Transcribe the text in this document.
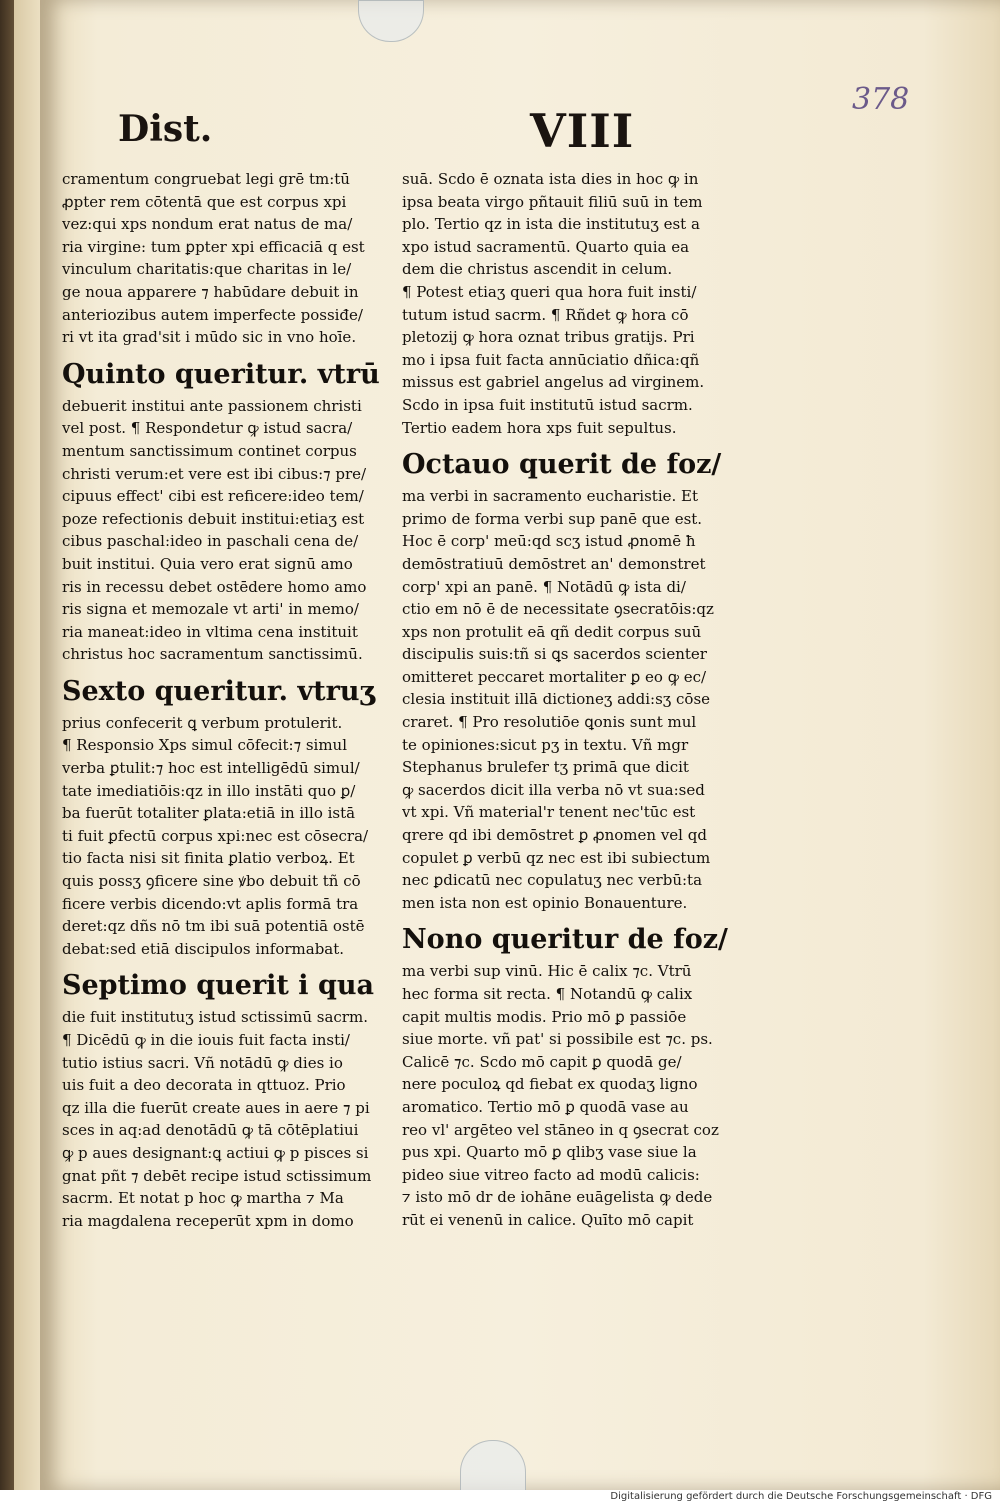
Dist.	VIII
378

cramentum congruebat legi grē tm:tū

ꝓpter rem cōtentā que est corpus xpi

vez:qui xps nondum erat natus de ma/

ria virgine: tum ꝑpter xpi efficaciā q est

vinculum charitatis:que charitas in le/

ge noua apparere ⁊ habūdare debuit in

anteriozibus autem imperfecte possiđe/

ri vt ita grad'sit i mūdo sic in vno hoīe.

Quinto queritur. vtrū

debuerit institui ante passionem christi

vel post. ¶ Respondetur ꝙ istud sacra/

mentum sanctissimum continet corpus

christi verum:et vere est ibi cibus:⁊ pre/

cipuus effect' cibi est reficere:ideo tem/

poze refectionis debuit institui:etiaʒ est

cibus paschal:ideo in paschali cena de/

buit institui. Quia vero erat signū amo

ris in recessu debet ostēdere homo amo

ris signa et memozale vt arti' in memo/

ria maneat:ideo in vltima cena instituit

christus hoc sacramentum sanctissimū.

Sexto queritur. vtruʒ

prius confecerit ꝗ verbum protulerit.

¶ Responsio Xps simul cōfecit:⁊ simul

verba ꝑtulit:⁊ hoc est intelligēdū simul/

tate imediatiōis:qz in illo instāti quo ꝑ/

ba fuerūt totaliter ꝑlata:etiā in illo istā

ti fuit ꝑfectū corpus xpi:nec est cōsecra/

tio facta nisi sit finita ꝑlatio verboꝝ. Et

quis possʒ ꝯficere sine ꝟbo debuit tñ cō

ficere verbis dicendo:vt aplis formā tra

deret:qz dñs nō tm ibi suā potentiā ostē

debat:sed etiā discipulos informabat.

Septimo querit i qua

die fuit institutuʒ istud sctissimū sacrm.

¶ Dicēdū ꝙ in die iouis fuit facta insti/

tutio istius sacri. Vñ notādū ꝙ dies io

uis fuit a deo decorata in qttuoz. Prio

qz illa die fuerūt create aues in aere ⁊ pi

sces in aq:ad denotādū ꝙ tā cōtēplatiui

ꝙ p aues designant:ꝗ actiui ꝙ p pisces si

gnat pñt ⁊ debēt recipe istud sctissimum

sacrm. Et notat p hoc ꝙ martha ⁊ Ma

ria magdalena receperūt xpm in domo

suā. Scdo ē oznata ista dies in hoc ꝙ in

ipsa beata virgo pñtauit filiū suū in tem

plo. Tertio qz in ista die institutuʒ est a

xpo istud sacramentū. Quarto quia ea

dem die christus ascendit in celum.

¶ Potest etiaʒ queri qua hora fuit insti/

tutum istud sacrm. ¶ Rñdet ꝙ hora cō

pletozij ꝙ hora oznat tribus gratijs. Pri

mo i ipsa fuit facta annūciatio dñica:qñ

missus est gabriel angelus ad virginem.

Scdo in ipsa fuit institutū istud sacrm.

Tertio eadem hora xps fuit sepultus.

Octauo querit de foz/

ma verbi in sacramento eucharistie. Et

primo de forma verbi sup panē que est.

Hoc ē corp' meū:qd scʒ istud ꝓnomē ħ

demōstratiuū demōstret an' demonstret

corp' xpi an panē. ¶ Notādū ꝙ ista di/

ctio em nō ē de necessitate ꝯsecratōis:qz

xps non protulit eā qñ dedit corpus suū

discipulis suis:tñ si ꝗs sacerdos scienter

omitteret peccaret mortaliter ꝑ eo ꝙ ec/

clesia instituit illā dictioneʒ addi:sʒ cōse

craret. ¶ Pro resolutiōe ꝗonis sunt mul

te opiniones:sicut pʒ in textu. Vñ mgr

Stephanus brulefer tʒ primā que dicit

ꝙ sacerdos dicit illa verba nō vt sua:sed

vt xpi. Vñ material'r tenent nec'tūc est

qrere qd ibi demōstret ꝑ ꝓnomen vel qd

copulet ꝑ verbū qz nec est ibi subiectum

nec ꝑdicatū nec copulatuʒ nec verbū:ta

men ista non est opinio Bonauenture.

Nono queritur de foz/

ma verbi sup vinū. Hic ē calix ⁊c. Vtrū

hec forma sit recta. ¶ Notandū ꝙ calix

capit multis modis. Prio mō ꝑ passiōe

siue morte. vñ pat' si possibile est ⁊c. ps.

Calicē ⁊c. Scdo mō capit ꝑ quodā ge/

nere poculoꝝ qd fiebat ex quodaʒ ligno

aromatico. Tertio mō ꝑ quodā vase au

reo vl' argēteo vel stāneo in q ꝯsecrat coz

pus xpi. Quarto mō ꝑ qlibʒ vase siue la

pideo siue vitreo facto ad modū calicis:

⁊ isto mō dr de iohāne euāgelista ꝙ dede

rūt ei venenū in calice. Quīto mō capit

Digitalisierung gefördert durch die Deutsche Forschungsgemeinschaft · DFG
